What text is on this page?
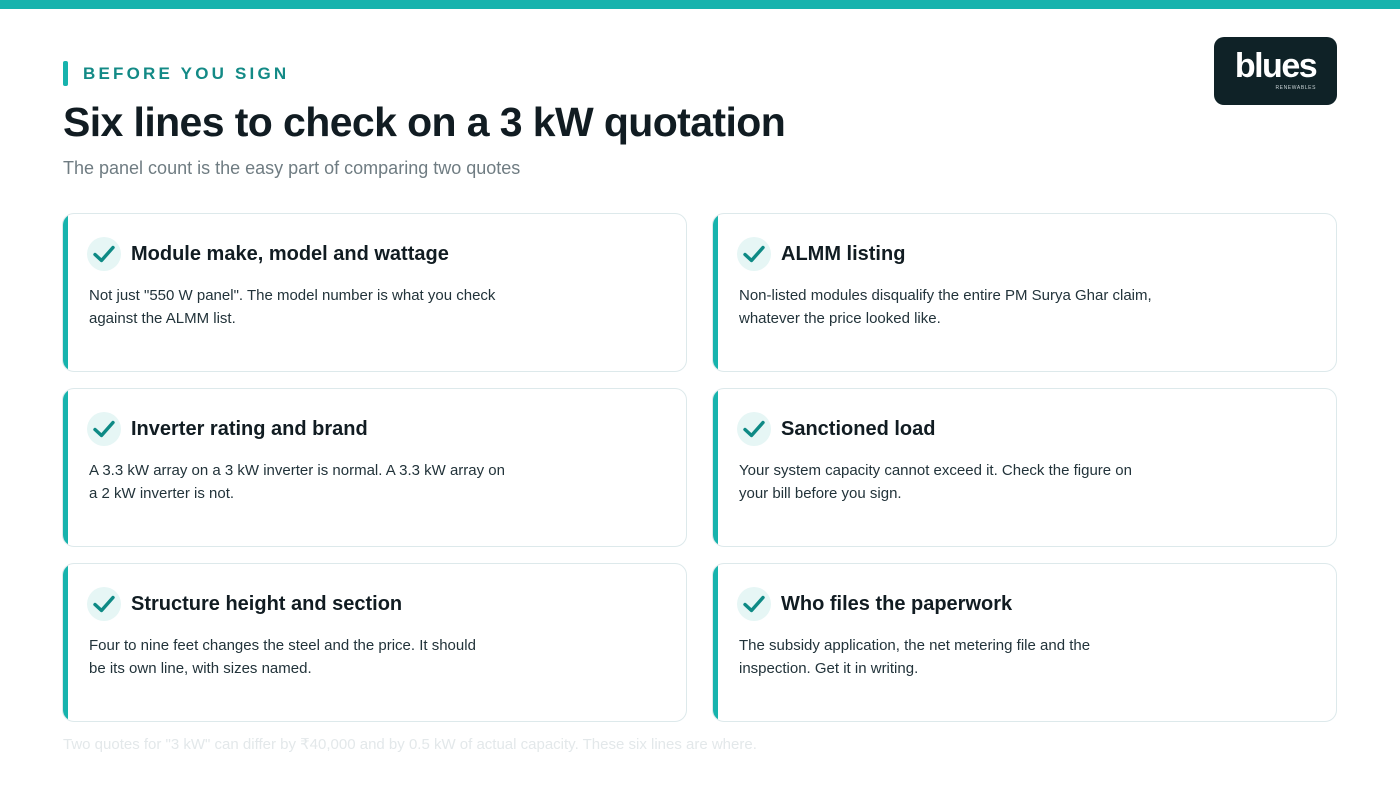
BEFORE YOU SIGN
Six lines to check on a 3 kW quotation
The panel count is the easy part of comparing two quotes
blues
RENEWABLES
Module make, model and wattage
Not just "550 W panel". The model number is what you check
against the ALMM list.
ALMM listing
Non-listed modules disqualify the entire PM Surya Ghar claim,
whatever the price looked like.
Inverter rating and brand
A 3.3 kW array on a 3 kW inverter is normal. A 3.3 kW array on
a 2 kW inverter is not.
Sanctioned load
Your system capacity cannot exceed it. Check the figure on
your bill before you sign.
Structure height and section
Four to nine feet changes the steel and the price. It should
be its own line, with sizes named.
Who files the paperwork
The subsidy application, the net metering file and the
inspection. Get it in writing.
Two quotes for "3 kW" can differ by ₹40,000 and by 0.5 kW of actual capacity. These six lines are where.
